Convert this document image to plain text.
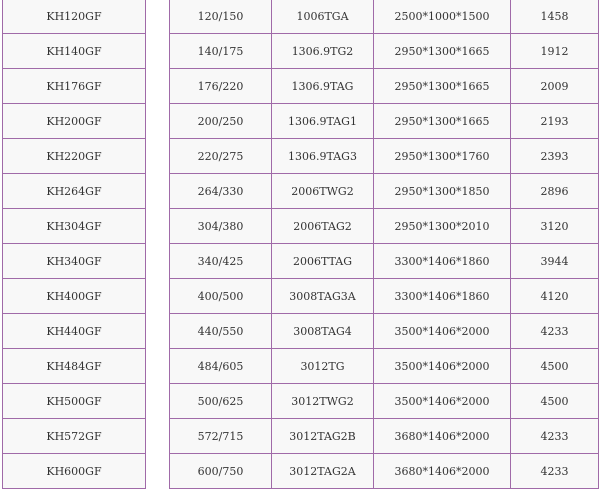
KH120GF		120/150	1006TGA	2500*1000*1500	1458
KH140GF		140/175	1306.9TG2	2950*1300*1665	1912
KH176GF		176/220	1306.9TAG	2950*1300*1665	2009
KH200GF		200/250	1306.9TAG1	2950*1300*1665	2193
KH220GF		220/275	1306.9TAG3	2950*1300*1760	2393
KH264GF		264/330	2006TWG2	2950*1300*1850	2896
KH304GF		304/380	2006TAG2	2950*1300*2010	3120
KH340GF		340/425	2006TTAG	3300*1406*1860	3944
KH400GF		400/500	3008TAG3A	3300*1406*1860	4120
KH440GF		440/550	3008TAG4	3500*1406*2000	4233
KH484GF		484/605	3012TG	3500*1406*2000	4500
KH500GF		500/625	3012TWG2	3500*1406*2000	4500
KH572GF		572/715	3012TAG2B	3680*1406*2000	4233
KH600GF		600/750	3012TAG2A	3680*1406*2000	4233
